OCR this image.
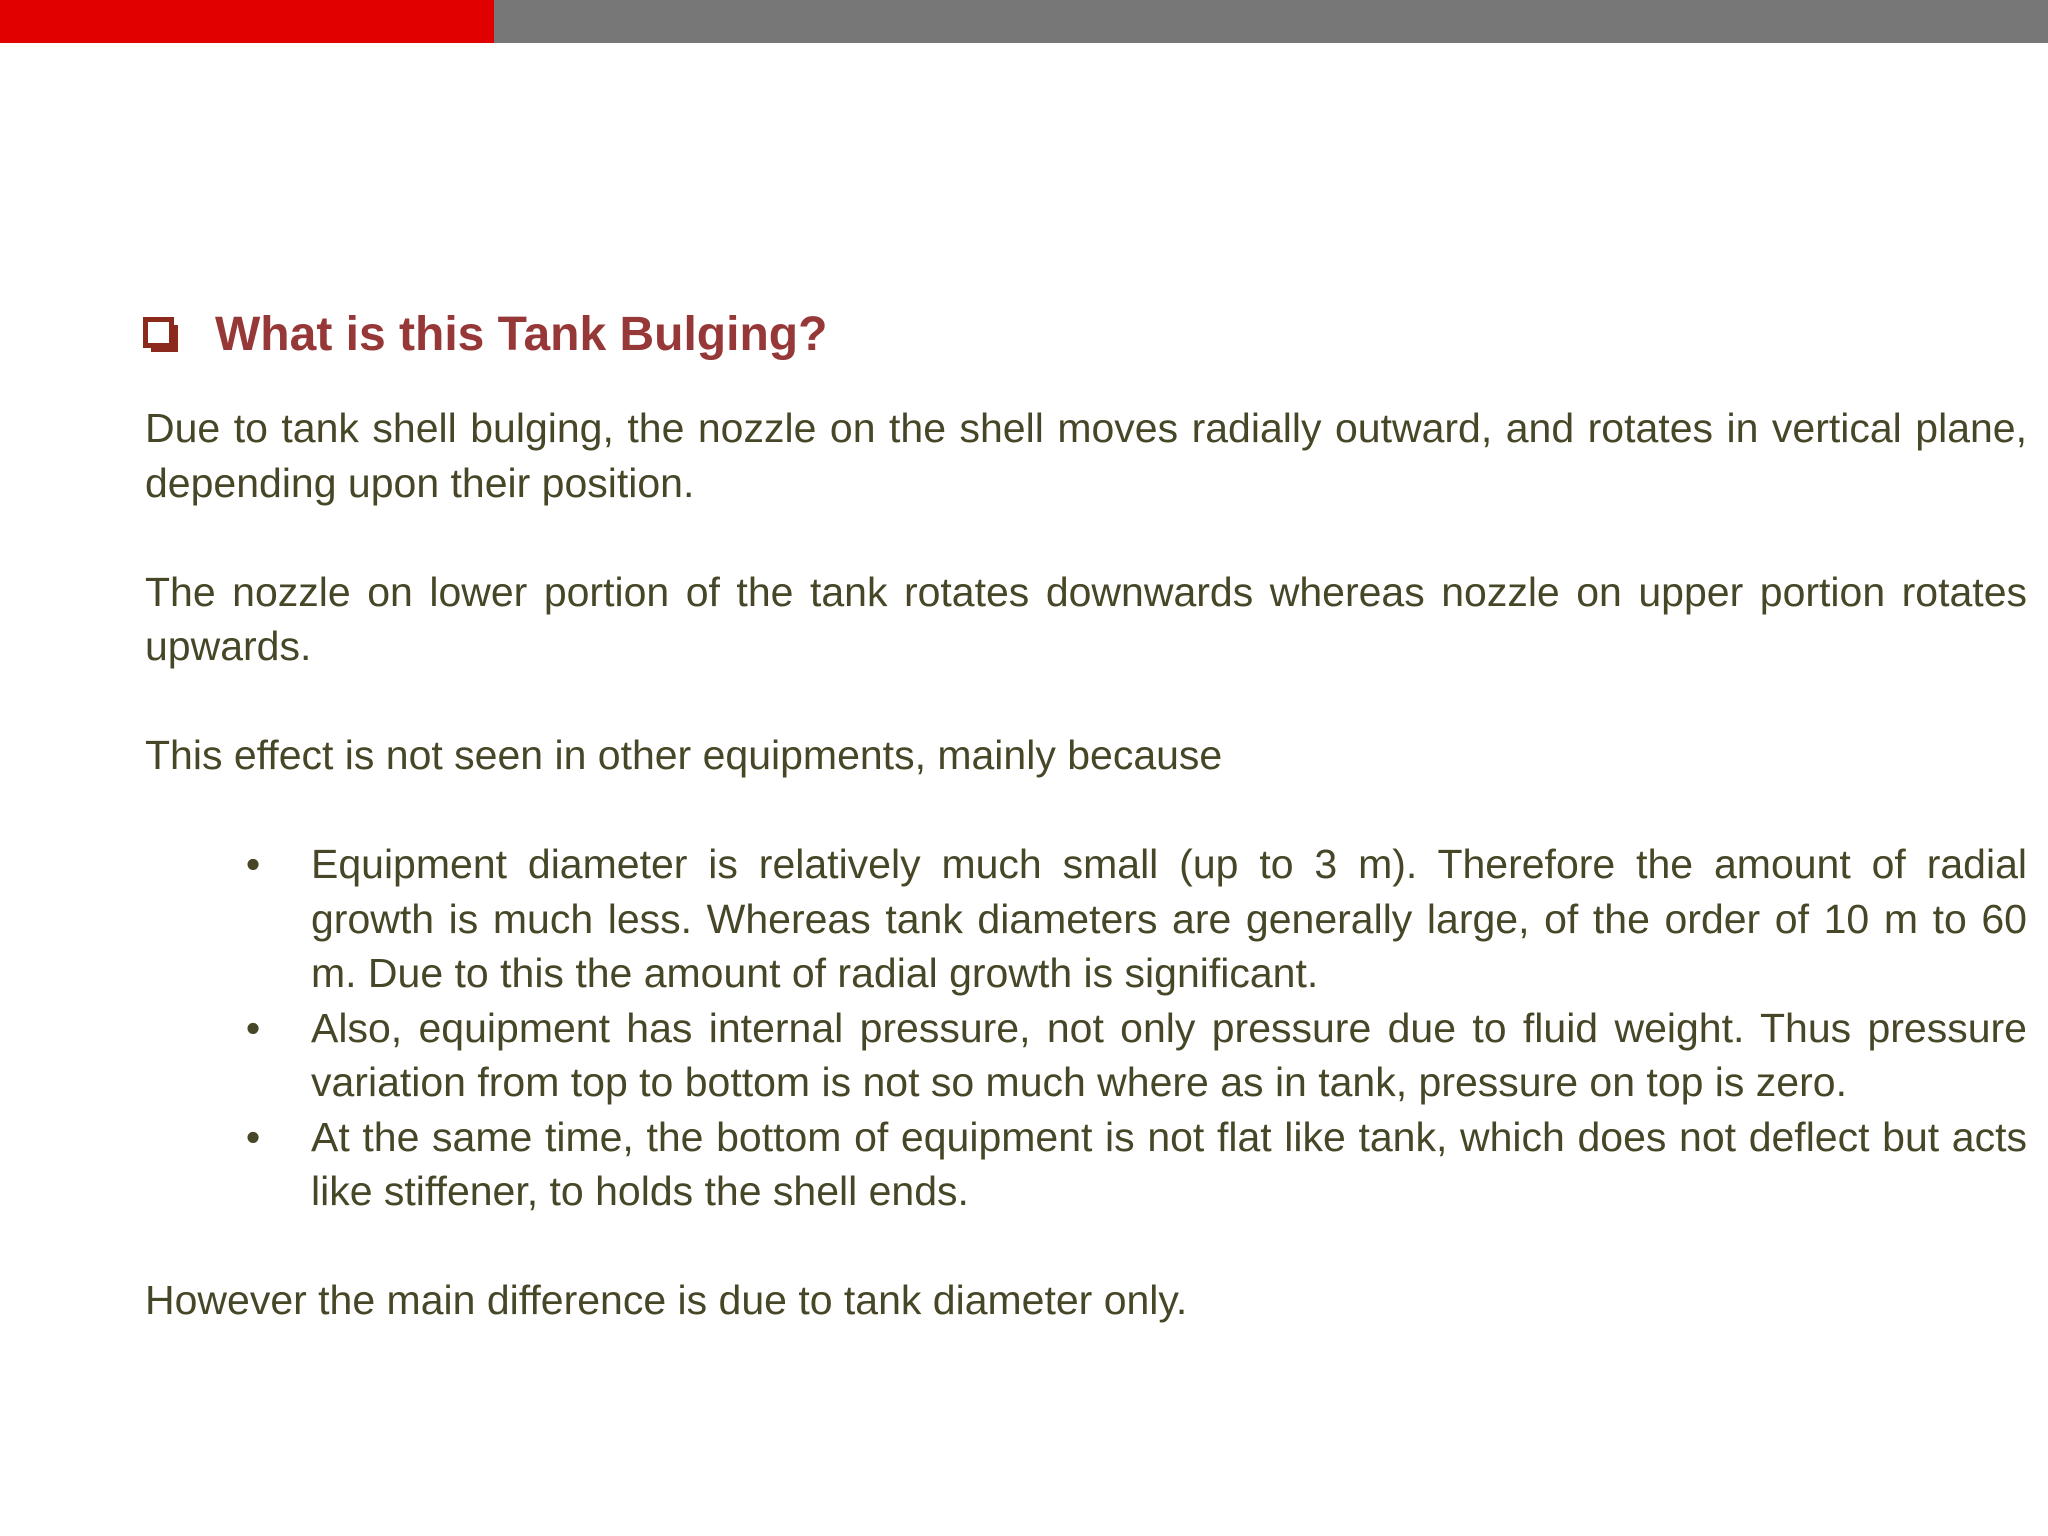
What is this Tank Bulging?

Due to tank shell bulging, the nozzle on the shell moves radially outward, and rotates in vertical plane, depending upon their position.

The nozzle on lower portion of the tank rotates downwards whereas nozzle on upper portion rotates upwards.

This effect is not seen in other equipments, mainly because

• Equipment diameter is relatively much small (up to 3 m). Therefore the amount of radial growth is much less. Whereas tank diameters are generally large, of the order of 10 m to 60 m. Due to this the amount of radial growth is significant.
• Also, equipment has internal pressure, not only pressure due to fluid weight. Thus pressure variation from top to bottom is not so much where as in tank, pressure on top is zero.
• At the same time, the bottom of equipment is not flat like tank, which does not deflect but acts like stiffener, to holds the shell ends.

However the main difference is due to tank diameter only.
